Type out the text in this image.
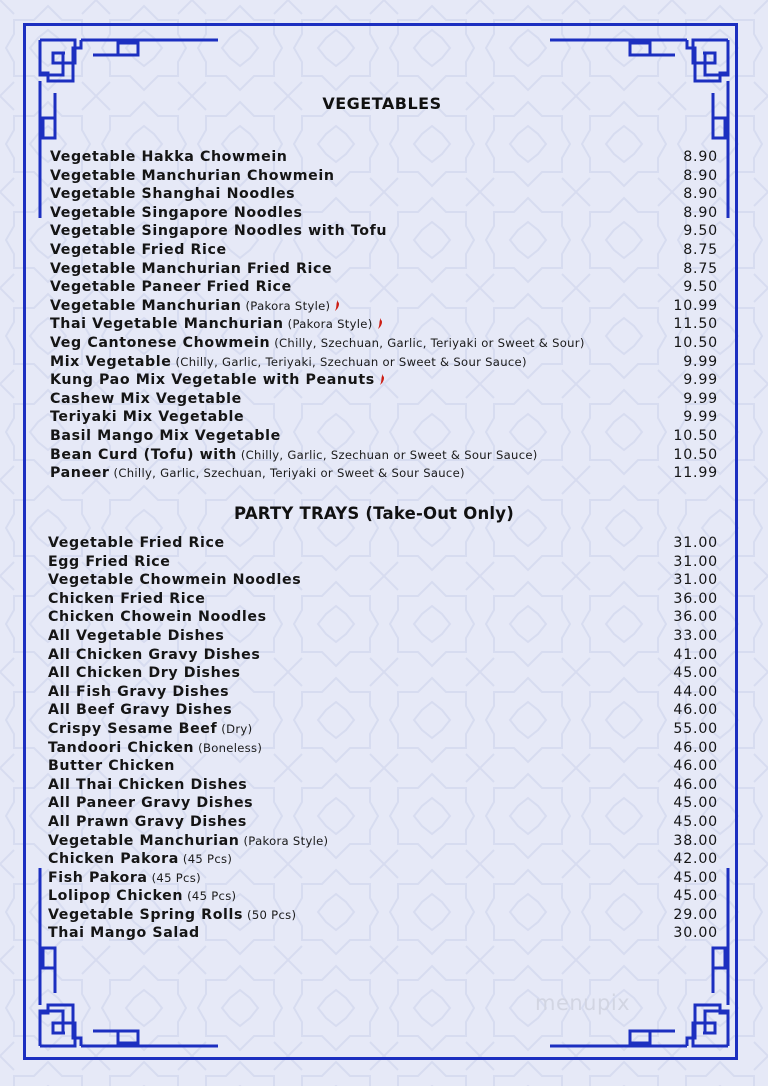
VEGETABLES
Vegetable Hakka Chowmein	8.90
Vegetable Manchurian Chowmein	8.90
Vegetable Shanghai Noodles	8.90
Vegetable Singapore Noodles	8.90
Vegetable Singapore Noodles with Tofu	9.50
Vegetable Fried Rice	8.75
Vegetable Manchurian Fried Rice	8.75
Vegetable Paneer Fried Rice	9.50
Vegetable Manchurian (Pakora Style)	10.99
Thai Vegetable Manchurian (Pakora Style)	11.50
Veg Cantonese Chowmein (Chilly, Szechuan, Garlic, Teriyaki or Sweet & Sour)	10.50
Mix Vegetable (Chilly, Garlic, Teriyaki, Szechuan or Sweet & Sour Sauce)	9.99
Kung Pao Mix Vegetable with Peanuts	9.99
Cashew Mix Vegetable	9.99
Teriyaki Mix Vegetable	9.99
Basil Mango Mix Vegetable	10.50
Bean Curd (Tofu) with (Chilly, Garlic, Szechuan or Sweet & Sour Sauce)	10.50
Paneer (Chilly, Garlic, Szechuan, Teriyaki or Sweet & Sour Sauce)	11.99
PARTY TRAYS (Take-Out Only)
Vegetable Fried Rice	31.00
Egg Fried Rice	31.00
Vegetable Chowmein Noodles	31.00
Chicken Fried Rice	36.00
Chicken Chowein Noodles	36.00
All Vegetable Dishes	33.00
All Chicken Gravy Dishes	41.00
All Chicken Dry Dishes	45.00
All Fish Gravy Dishes	44.00
All Beef Gravy Dishes	46.00
Crispy Sesame Beef (Dry)	55.00
Tandoori Chicken (Boneless)	46.00
Butter Chicken	46.00
All Thai Chicken Dishes	46.00
All Paneer Gravy Dishes	45.00
All Prawn Gravy Dishes	45.00
Vegetable Manchurian (Pakora Style)	38.00
Chicken Pakora (45 Pcs)	42.00
Fish Pakora (45 Pcs)	45.00
Lolipop Chicken (45 Pcs)	45.00
Vegetable Spring Rolls (50 Pcs)	29.00
Thai Mango Salad	30.00
menupix
